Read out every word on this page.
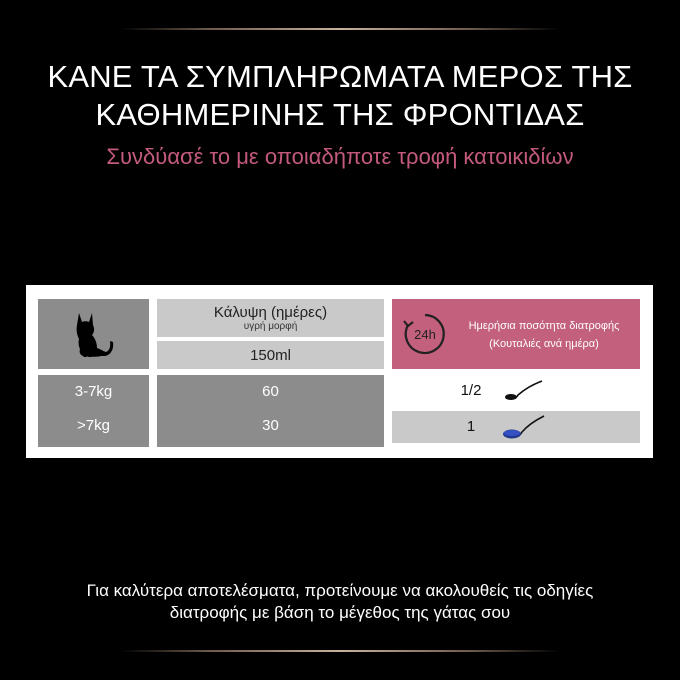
ΚΑΝΕ ΤΑ ΣΥΜΠΛΗΡΩΜΑΤΑ ΜΕΡΟΣ ΤΗΣ
ΚΑΘΗΜΕΡΙΝΗΣ ΤΗΣ ΦΡΟΝΤΙΔΑΣ
Συνδύασέ το με οποιαδήποτε τροφή κατοικιδίων
3-7kg
>7kg
Κάλυψη (ημέρες)
υγρή μορφή
150ml
60
30
24h
Ημερήσια ποσότητα διατροφής
(Κουταλιές ανά ημέρα)
1/2
1
Για καλύτερα αποτελέσματα, προτείνουμε να ακολουθείς τις οδηγίες
διατροφής με βάση το μέγεθος της γάτας σου
